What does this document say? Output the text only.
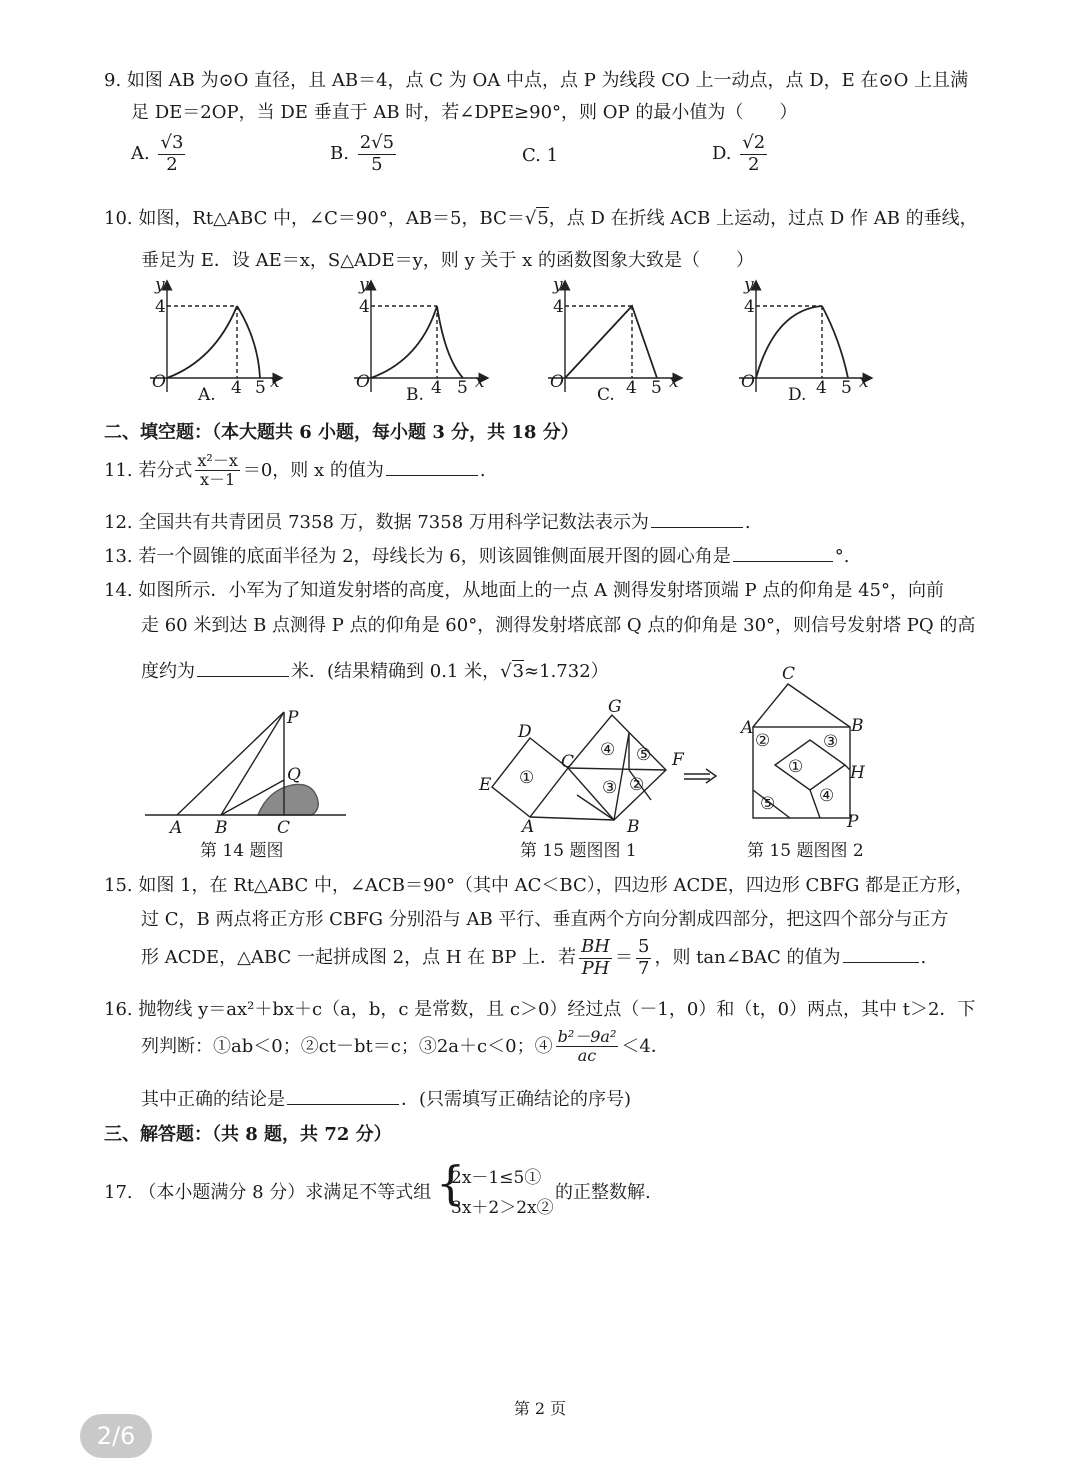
9. 如图 AB 为⊙O 直径，且 AB＝4，点 C 为 OA 中点，点 P 为线段 CO 上一动点，点 D，E 在⊙O 上且满
足 DE＝2OP，当 DE 垂直于 AB 时，若∠DPE≥90°，则 OP 的最小值为（　　）
A. $\frac{√3}{2}$	B. $\frac{2√5}{5}$	C. 1	D. $\frac{√2}{2}$
10. 如图，Rt△ABC 中，∠C＝90°，AB＝5，BC＝√5，点 D 在折线 ACB 上运动，过点 D 作 AB 的垂线，
垂足为 E．设 AE＝x，S△ADE＝y，则 y 关于 x 的函数图象大致是（　　）
y
4
O	4 5 x
A.
y
4
O	4 5 x
B.
y
4
O	4 5 x
C.
y
4
O	4 5 x
D.
二、填空题：（本大题共 6 小题，每小题 3 分，共 18 分）
11. 若分式 $\frac{\text{x²－x}}{x-1} =0$，则 x 的值为	.
12. 全国共有共青团员 7358 万，数据 7358 万用科学记数法表示为	.
13. 若一个圆锥的底面半径为 2，母线长为 6，则该圆锥侧面展开图的圆心角是	°.
14. 如图所示．小军为了知道发射塔的高度，从地面上的一点 A 测得发射塔顶端 P 点的仰角是 45°，向前
走 60 米到达 B 点测得 P 点的仰角是 60°，测得发射塔底部 Q 点的仰角是 30°，则信号发射塔 PQ 的高
度约为	米．(结果精确到 0.1 米，√3≈1.732）
P
Q
A B	C
第 14 题图
D
G
E
C	F
A	B
①	②
③
④ ⑤
第 15 题图图 1
C
A	B
H
P
①
②	③
④
⑤
第 15 题图图 2
15. 如图 1，在 Rt△ABC 中，∠ACB＝90°（其中 AC＜BC），四边形 ACDE，四边形 CBFG 都是正方形，
过 C，B 两点将正方形 CBFG 分别沿与 AB 平行、垂直两个方向分割成四部分，把这四个部分与正方
形 ACDE，△ABC 一起拼成图 2，点 H 在 BP 上．若 $\frac{BH}{PH} = \frac{5}{7}$ ，则 tan∠BAC 的值为	.
16. 抛物线 y＝ax²＋bx＋c（a，b，c 是常数，且 c＞0）经过点（－1，0）和（t，0）两点，其中 t＞2．下
列判断：①ab＜0；②ct－bt＝c；③2a＋c＜0；④ $\frac{\text{b²－9a²}}{ac} <4$．
其中正确的结论是	．(只需填写正确结论的序号)
三、解答题：（共 8 题，共 72 分）
17. （本小题满分 8 分）求满足不等式组 {
2x－1≤5①
3x＋2＞2x②
的正整数解.
第 2 页
2/6
